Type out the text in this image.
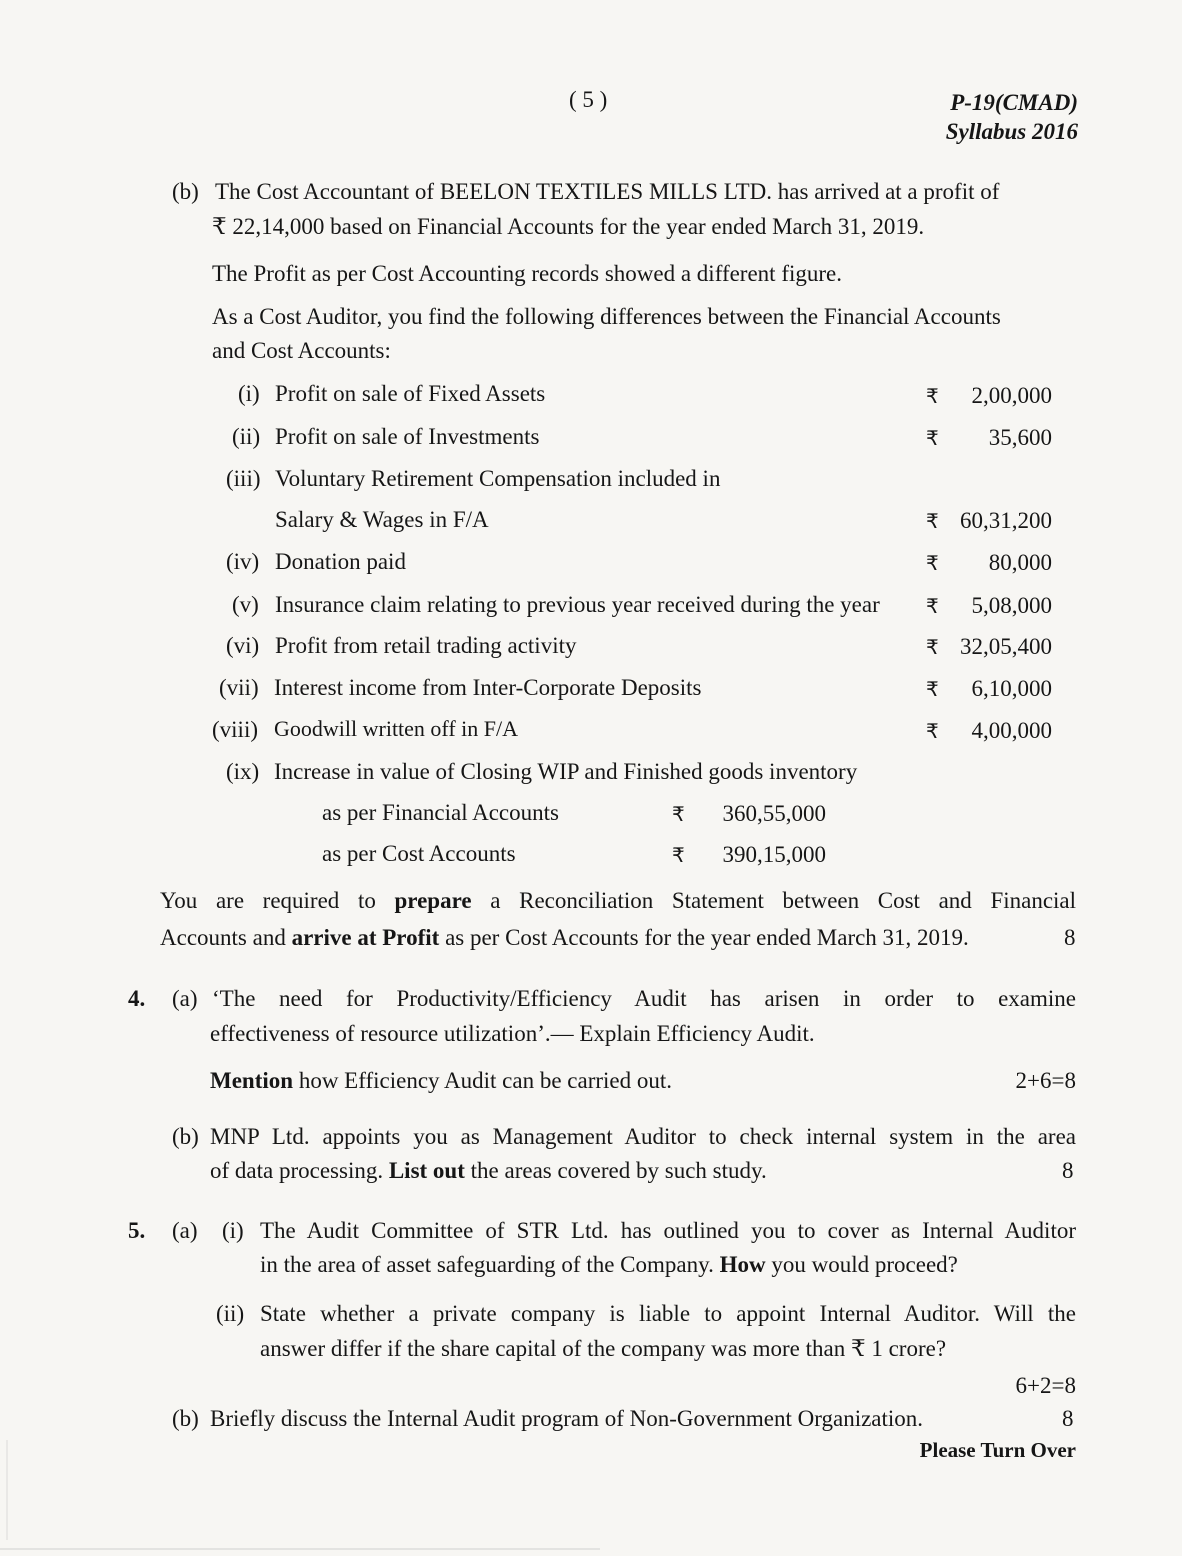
( 5 )	P-19(CMAD)
Syllabus 2016
(b) The Cost Accountant of BEELON TEXTILES MILLS LTD. has arrived at a profit of
₹ 22,14,000 based on Financial Accounts for the year ended March 31, 2019.
The Profit as per Cost Accounting records showed a different figure.
As a Cost Auditor, you find the following differences between the Financial Accounts
and Cost Accounts:
(i) Profit on sale of Fixed Assets	₹ 2,00,000
(ii) Profit on sale of Investments	₹ 35,600
(iii) Voluntary Retirement Compensation included in
Salary & Wages in F/A	₹ 60,31,200
(iv) Donation paid	₹ 80,000
(v) Insurance claim relating to previous year received during the year ₹ 5,08,000
(vi) Profit from retail trading activity	₹ 32,05,400
(vii) Interest income from Inter-Corporate Deposits	₹ 6,10,000
(viii) Goodwill written off in F/A	₹ 4,00,000
(ix) Increase in value of Closing WIP and Finished goods inventory
as per Financial Accounts	₹ 360,55,000
as per Cost Accounts	₹ 390,15,000
You are required to prepare a Reconciliation Statement between Cost and Financial
Accounts and arrive at Profit as per Cost Accounts for the year ended March 31, 2019.	8
4. (a) ‘The need for Productivity/Efficiency Audit has arisen in order to examine
effectiveness of resource utilization’.— Explain Efficiency Audit.
Mention how Efficiency Audit can be carried out.	2+6=8
(b) MNP Ltd. appoints you as Management Auditor to check internal system in the area
of data processing. List out the areas covered by such study.	8
5. (a) (i) The Audit Committee of STR Ltd. has outlined you to cover as Internal Auditor
in the area of asset safeguarding of the Company. How you would proceed?
(ii) State whether a private company is liable to appoint Internal Auditor. Will the
answer differ if the share capital of the company was more than ₹ 1 crore?
6+2=8
(b) Briefly discuss the Internal Audit program of Non-Government Organization.	8
Please Turn Over
